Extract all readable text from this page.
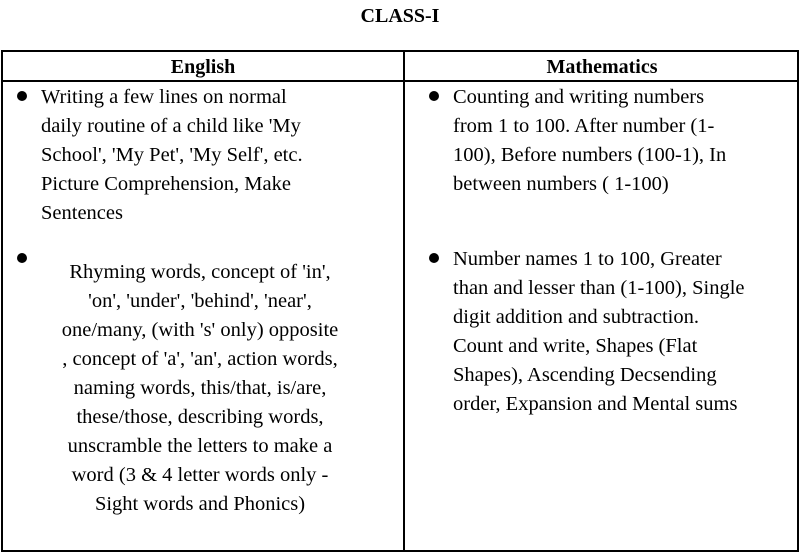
CLASS-I
English	Mathematics
Writing a few lines on normal
daily routine of a child like 'My
School', 'My Pet', 'My Self', etc.
Picture Comprehension, Make
Sentences
Rhyming words, concept of 'in',
'on', 'under', 'behind', 'near',
one/many, (with 's' only) opposite
, concept of 'a', 'an', action words,
naming words, this/that, is/are,
these/those, describing words,
unscramble the letters to make a
word (3 & 4 letter words only -
Sight words and Phonics)
Counting and writing numbers
from 1 to 100. After number (1-
100), Before numbers (100-1), In
between numbers ( 1-100)
Number names 1 to 100, Greater
than and lesser than (1-100), Single
digit addition and subtraction.
Count and write, Shapes (Flat
Shapes), Ascending Decsending
order, Expansion and Mental sums
